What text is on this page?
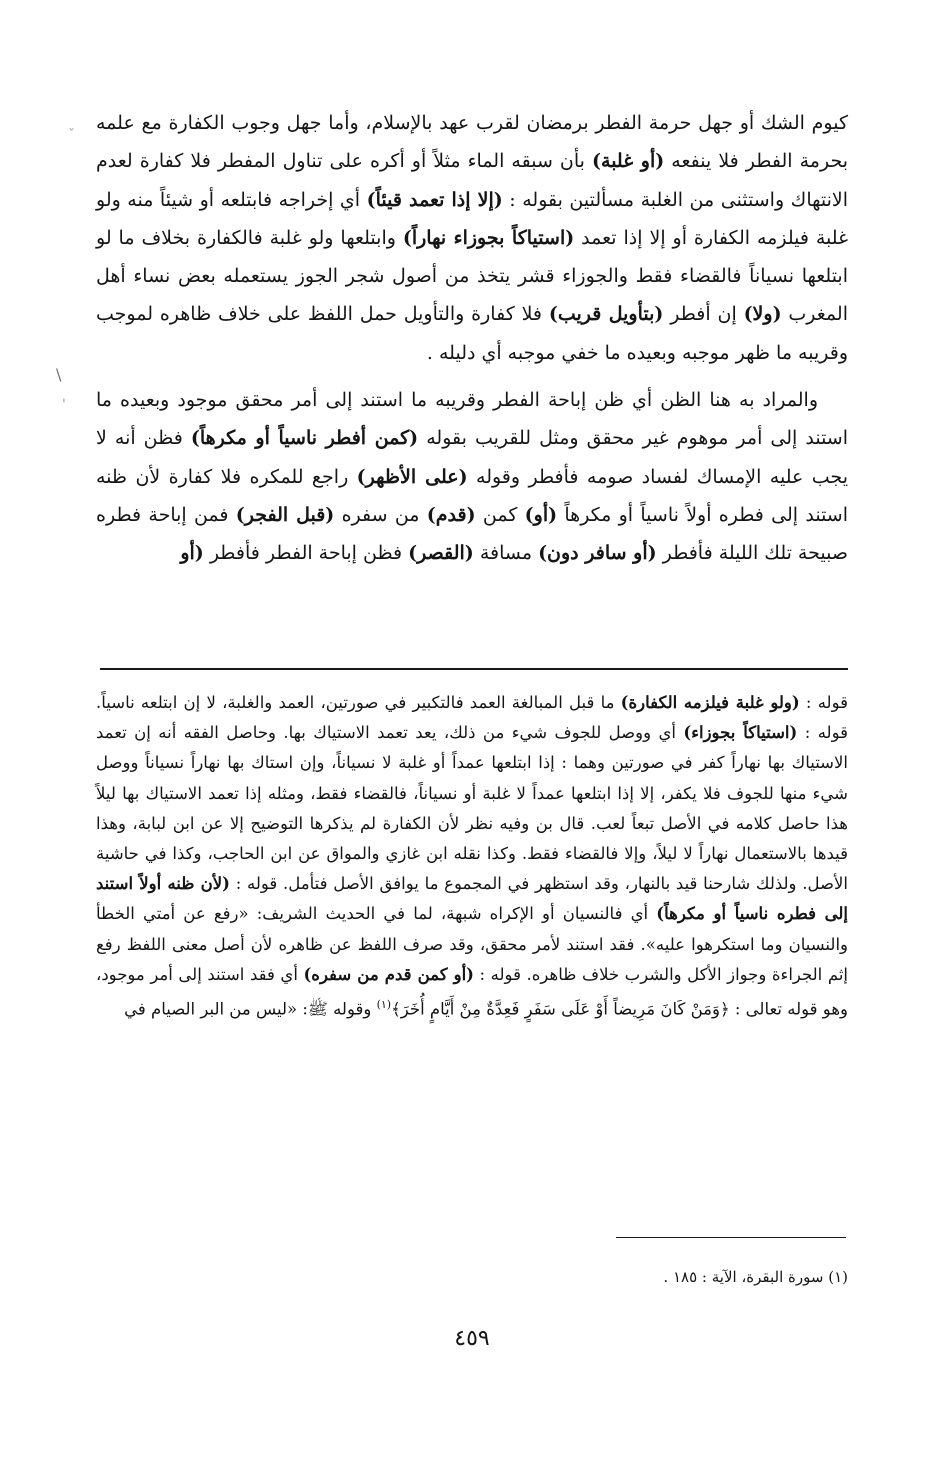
كيوم الشك أو جهل حرمة الفطر برمضان لقرب عهد بالإسلام، وأما جهل وجوب الكفارة مع علمه بحرمة الفطر فلا ينفعه (أو غلبة) بأن سبقه الماء مثلاً أو أكره على تناول المفطر فلا كفارة لعدم الانتهاك واستثنى من الغلبة مسألتين بقوله : (إلا إذا تعمد قيئاً) أي إخراجه فابتلعه أو شيئاً منه ولو غلبة فيلزمه الكفارة أو إلا إذا تعمد (استياكاً بجوزاء نهاراً) وابتلعها ولو غلبة فالكفارة بخلاف ما لو ابتلعها نسياناً فالقضاء فقط والجوزاء قشر يتخذ من أصول شجر الجوز يستعمله بعض نساء أهل المغرب (ولا) إن أفطر (بتأويل قريب) فلا كفارة والتأويل حمل اللفظ على خلاف ظاهره لموجب وقريبه ما ظهر موجبه وبعيده ما خفي موجبه أي دليله .

والمراد به هنا الظن أي ظن إباحة الفطر وقريبه ما استند إلى أمر محقق موجود وبعيده ما استند إلى أمر موهوم غير محقق ومثل للقريب بقوله (كمن أفطر ناسياً أو مكرهاً) فظن أنه لا يجب عليه الإمساك لفساد صومه فأفطر وقوله (على الأظهر) راجع للمكره فلا كفارة لأن ظنه استند إلى فطره أولاً ناسياً أو مكرهاً (أو) كمن (قدم) من سفره (قبل الفجر) فمن إباحة فطره صبيحة تلك الليلة فأفطر (أو سافر دون) مسافة (القصر) فظن إباحة الفطر فأفطر (أو

قوله : (ولو غلبة فيلزمه الكفارة) ما قبل المبالغة العمد فالتكبير في صورتين، العمد والغلبة، لا إن ابتلعه ناسياً. قوله : (استياكاً بجوزاء) أي ووصل للجوف شيء من ذلك، يعد تعمد الاستياك بها. وحاصل الفقه أنه إن تعمد الاستياك بها نهاراً كفر في صورتين وهما : إذا ابتلعها عمداً أو غلبة لا نسياناً، وإن استاك بها نهاراً نسياناً ووصل شيء منها للجوف فلا يكفر، إلا إذا ابتلعها عمداً لا غلبة أو نسياناً، فالقضاء فقط، ومثله إذا تعمد الاستياك بها ليلاً هذا حاصل كلامه في الأصل تبعاً لعب. قال بن وفيه نظر لأن الكفارة لم يذكرها التوضيح إلا عن ابن لبابة، وهذا قيدها بالاستعمال نهاراً لا ليلاً، وإلا فالقضاء فقط. وكذا نقله ابن غازي والمواق عن ابن الحاجب، وكذا في حاشية الأصل. ولذلك شارحنا قيد بالنهار، وقد استظهر في المجموع ما يوافق الأصل فتأمل. قوله : (لأن ظنه أولاً استند إلى فطره ناسياً أو مكرهاً) أي فالنسيان أو الإكراه شبهة، لما في الحديث الشريف: «رفع عن أمتي الخطأ والنسيان وما استكرهوا عليه». فقد استند لأمر محقق، وقد صرف اللفظ عن ظاهره لأن أصل معنى اللفظ رفع إثم الجراءة وجواز الأكل والشرب خلاف ظاهره. قوله : (أو كمن قدم من سفره) أي فقد استند إلى أمر موجود، وهو قوله تعالى : ﴿وَمَنْ كَانَ مَرِيضاً أَوْ عَلَى سَفَرٍ فَعِدَّةٌ مِنْ أَيَّامٍ أُخَرَ﴾$^{(١)}$ وقوله ﷺ: «ليس من البر الصيام في

(١) سورة البقرة، الآية : ١٨٥ .
٤٥٩
ˇ
\
'
